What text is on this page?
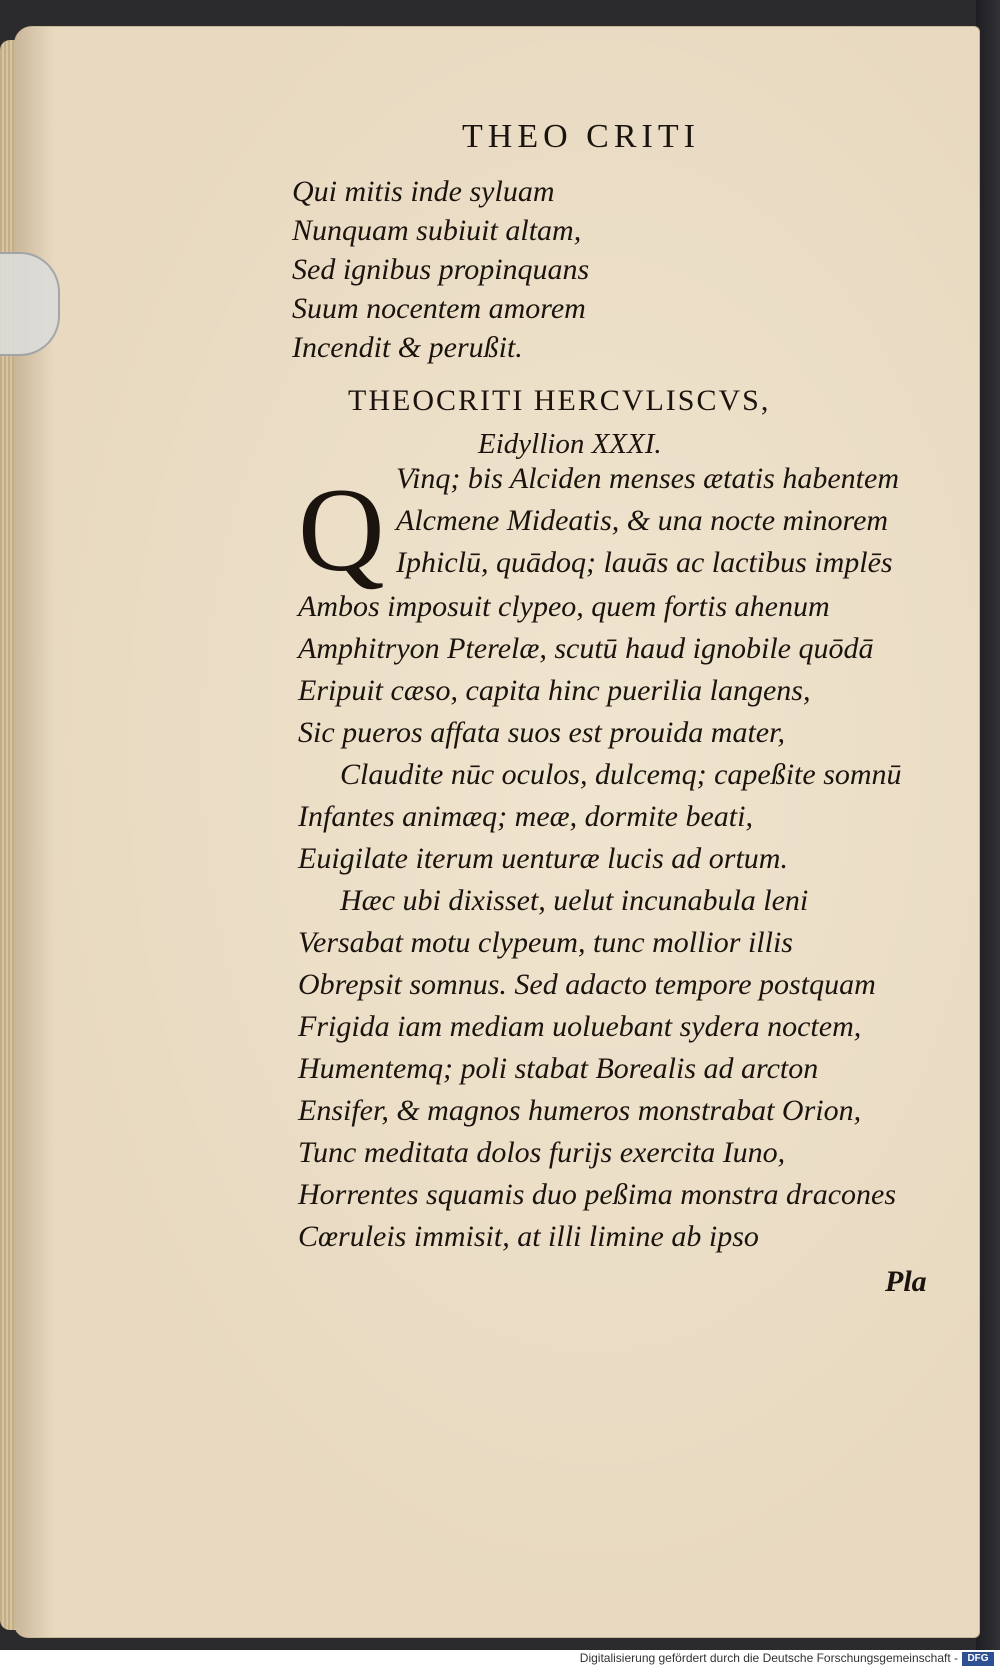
THEO CRITI
Qui mitis inde syluam
Nunquam subiuit altam,
Sed ignibus propinquans
Suum nocentem amorem
Incendit & perußit.
THEOCRITI HERCVLISCVS,
Eidyllion XXXI.
Q Vinq; bis Alciden menses ætatis habentem
Alcmene Mideatis, & una nocte minorem
Iphiclū, quādoq; lauās ac lactibus implēs
Ambos imposuit clypeo, quem fortis ahenum
Amphitryon Pterelæ, scutū haud ignobile quōdā
Eripuit cæso, capita hinc puerilia langens,
Sic pueros affata suos est prouida mater,
Claudite nūc oculos, dulcemq; capeßite somnū
Infantes animæq; meæ, dormite beati,
Euigilate iterum uenturæ lucis ad ortum.
Hæc ubi dixisset, uelut incunabula leni
Versabat motu clypeum, tunc mollior illis
Obrepsit somnus. Sed adacto tempore postquam
Frigida iam mediam uoluebant sydera noctem,
Humentemq; poli stabat Borealis ad arcton
Ensifer, & magnos humeros monstrabat Orion,
Tunc meditata dolos furijs exercita Iuno,
Horrentes squamis duo peßima monstra dracones
Cœruleis immisit, at illi limine ab ipso
Pla
Digitalisierung gefördert durch die Deutsche Forschungsgemeinschaft - DFG
